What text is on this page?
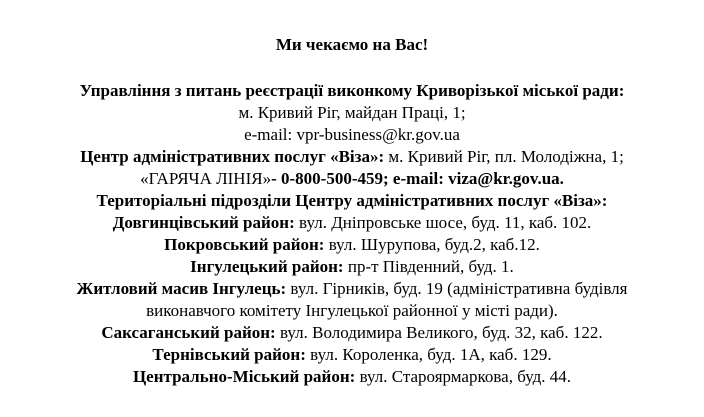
Ми чекаємо на Вас!
Управління з питань реєстрації виконкому Криворізької міської ради:
м. Кривий Ріг, майдан Праці, 1;
e-mail: vpr-business@kr.gov.ua
Центр адміністративних послуг «Віза»: м. Кривий Ріг, пл. Молодіжна, 1;
«ГАРЯЧА ЛІНІЯ»- 0-800-500-459; e-mail: viza@kr.gov.ua.
Територіальні підрозділи Центру адміністративних послуг «Віза»:
Довгинцівський район: вул. Дніпровське шосе, буд. 11, каб. 102.
Покровський район: вул. Шурупова, буд.2, каб.12.
Інгулецький район: пр-т Південний, буд. 1.
Житловий масив Інгулець: вул. Гірників, буд. 19 (адміністративна будівля
виконавчого комітету Інгулецької районної у місті ради).
Саксаганський район: вул. Володимира Великого, буд. 32, каб. 122.
Тернівський район: вул. Короленка, буд. 1А, каб. 129.
Центрально-Міський район: вул. Староярмаркова, буд. 44.
